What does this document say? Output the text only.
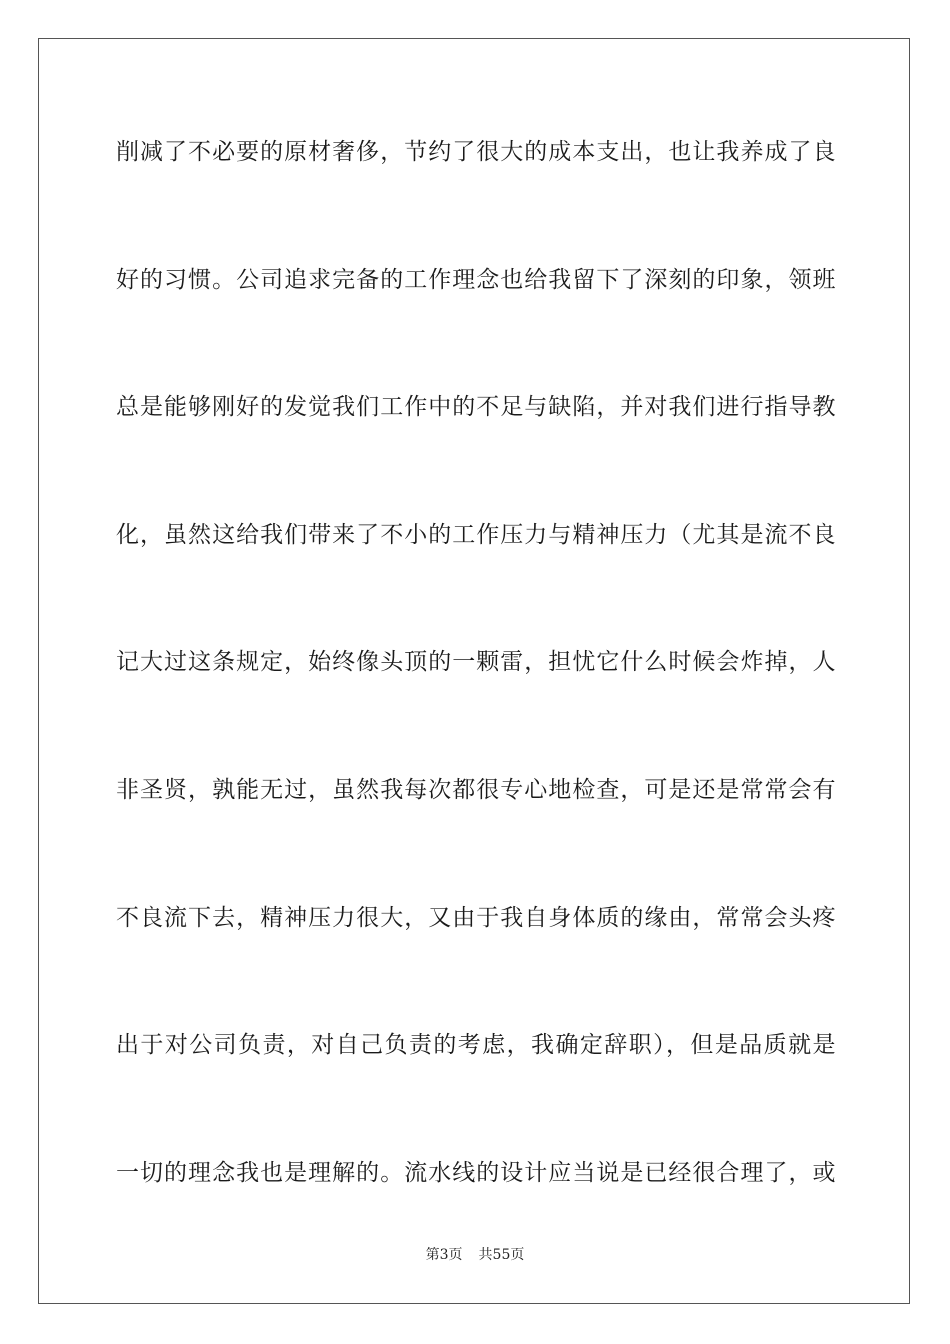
削减了不必要的原材奢侈，节约了很大的成本支出，也让我养成了良
好的习惯。公司追求完备的工作理念也给我留下了深刻的印象，领班
总是能够刚好的发觉我们工作中的不足与缺陷，并对我们进行指导教
化，虽然这给我们带来了不小的工作压力与精神压力（尤其是流不良
记大过这条规定，始终像头顶的一颗雷，担忧它什么时候会炸掉，人
非圣贤，孰能无过，虽然我每次都很专心地检查，可是还是常常会有
不良流下去，精神压力很大，又由于我自身体质的缘由，常常会头疼
出于对公司负责，对自己负责的考虑，我确定辞职），但是品质就是
一切的理念我也是理解的。流水线的设计应当说是已经很合理了，或
第3页 共55页
